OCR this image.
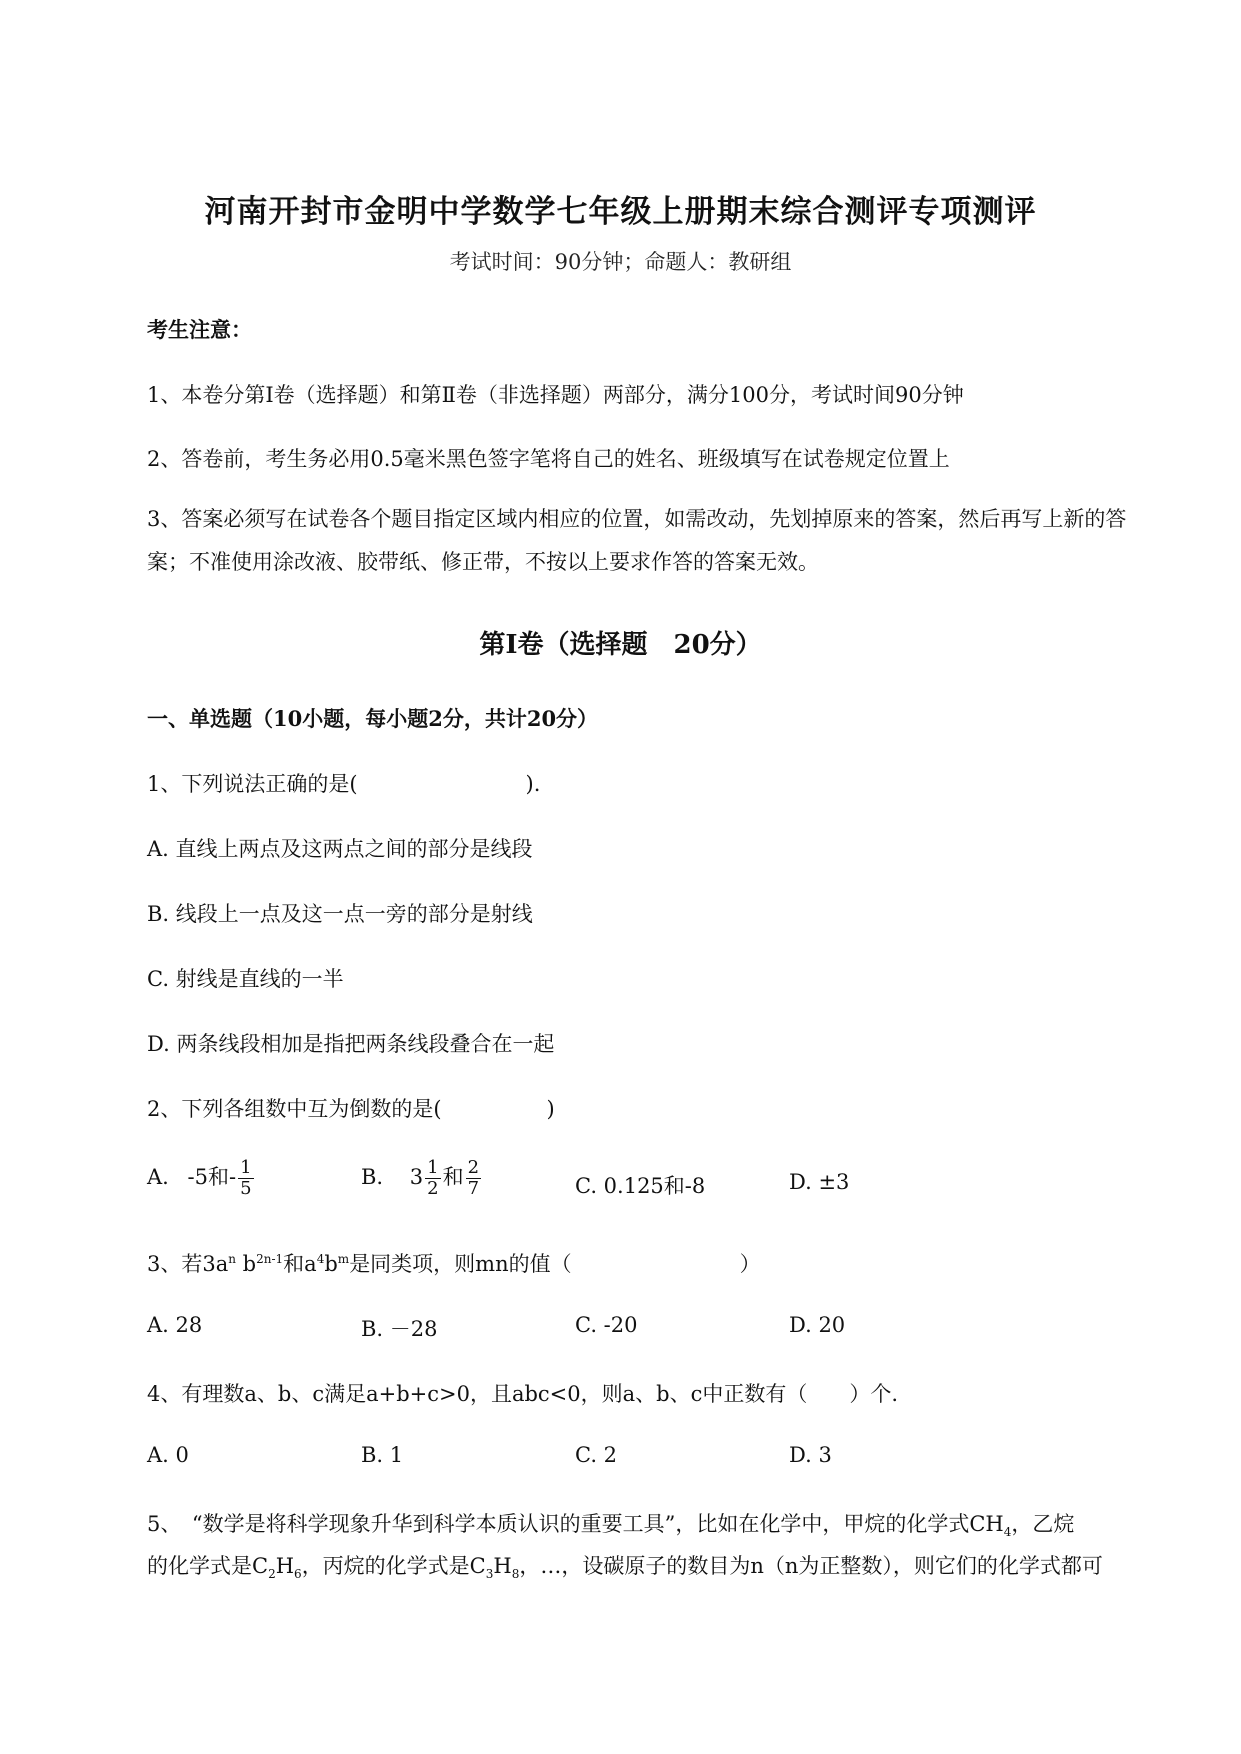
河南开封市金明中学数学七年级上册期末综合测评专项测评
考试时间：90分钟；命题人：教研组
考生注意：
1、本卷分第I卷（选择题）和第Ⅱ卷（非选择题）两部分，满分100分，考试时间90分钟
2、答卷前，考生务必用0.5毫米黑色签字笔将自己的姓名、班级填写在试卷规定位置上
3、答案必须写在试卷各个题目指定区域内相应的位置，如需改动，先划掉原来的答案，然后再写上新的答案；不准使用涂改液、胶带纸、修正带，不按以上要求作答的答案无效。
第I卷（选择题　20分）
一、单选题（10小题，每小题2分，共计20分）
1、下列说法正确的是(　　　　　　　　).
A. 直线上两点及这两点之间的部分是线段
B. 线段上一点及这一点一旁的部分是射线
C. 射线是直线的一半
D. 两条线段相加是指把两条线段叠合在一起
2、下列各组数中互为倒数的是(　　　　　)
A. -5和- $\frac{1}{5}$	B. $3 \frac{1}{2}$ 和 $\frac{2}{7}$	C. 0.125和-8	D. ±3
3、若$3a^n$ $b^{2n-1}$和$a^4b^m$是同类项，则mn的值（　　　　　　　　）
A. 28	B. －28	C. -20	D. 20
4、有理数a、b、c满足a+b+c>0，且abc<0，则a、b、c中正数有（　　）个.
A. 0	B. 1	C. 2	D. 3
5、　“数学是将科学现象升华到科学本质认识的重要工具”，比如在化学中，甲烷的化学式$CH_4$，乙烷
的化学式是$C_2H_6$，丙烷的化学式是$C_3H_8$，…，设碳原子的数目为n（n为正整数），则它们的化学式都可
